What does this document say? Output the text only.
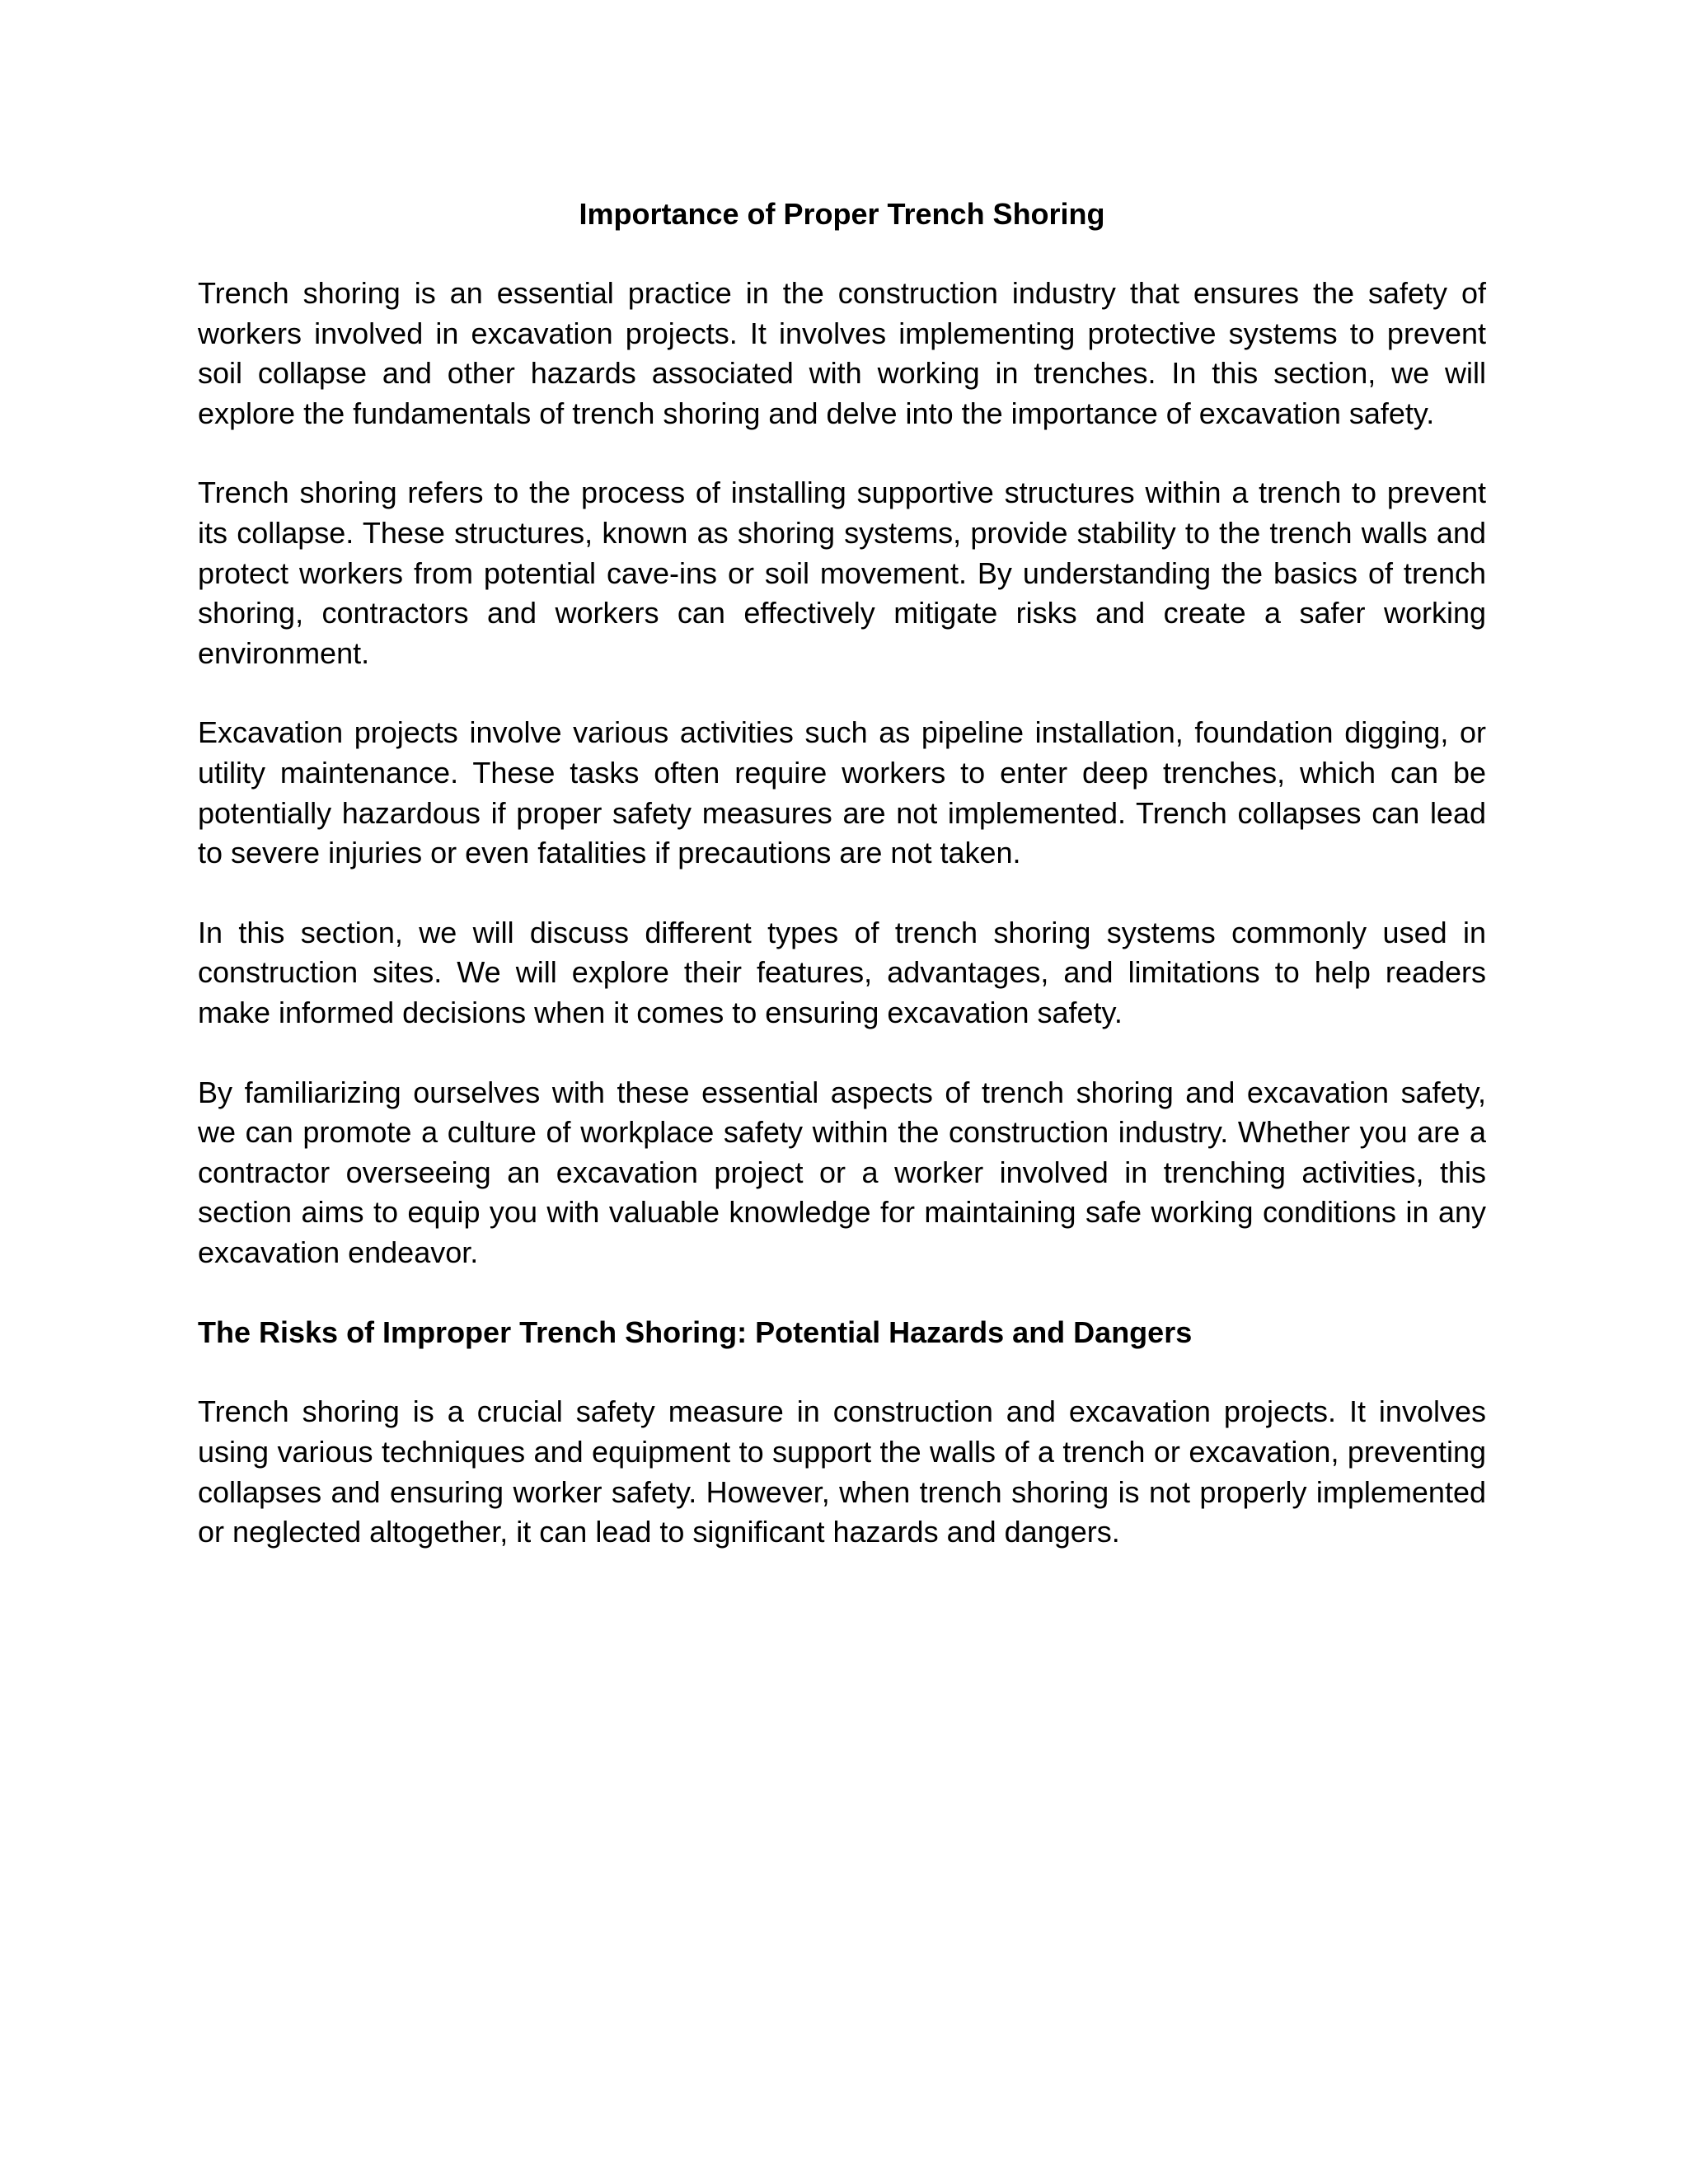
Importance of Proper Trench Shoring

Trench shoring is an essential practice in the construction industry that ensures the safety of workers involved in excavation projects. It involves implementing protective systems to prevent soil collapse and other hazards associated with working in trenches. In this section, we will explore the fundamentals of trench shoring and delve into the importance of excavation safety.

Trench shoring refers to the process of installing supportive structures within a trench to prevent its collapse. These structures, known as shoring systems, provide stability to the trench walls and protect workers from potential cave-ins or soil movement. By understanding the basics of trench shoring, contractors and workers can effectively mitigate risks and create a safer working environment.

Excavation projects involve various activities such as pipeline installation, foundation digging, or utility maintenance. These tasks often require workers to enter deep trenches, which can be potentially hazardous if proper safety measures are not implemented. Trench collapses can lead to severe injuries or even fatalities if precautions are not taken.

In this section, we will discuss different types of trench shoring systems commonly used in construction sites. We will explore their features, advantages, and limitations to help readers make informed decisions when it comes to ensuring excavation safety.

By familiarizing ourselves with these essential aspects of trench shoring and excavation safety, we can promote a culture of workplace safety within the construction industry. Whether you are a contractor overseeing an excavation project or a worker involved in trenching activities, this section aims to equip you with valuable knowledge for maintaining safe working conditions in any excavation endeavor.

The Risks of Improper Trench Shoring: Potential Hazards and Dangers

Trench shoring is a crucial safety measure in construction and excavation projects. It involves using various techniques and equipment to support the walls of a trench or excavation, preventing collapses and ensuring worker safety. However, when trench shoring is not properly implemented or neglected altogether, it can lead to significant hazards and dangers.
